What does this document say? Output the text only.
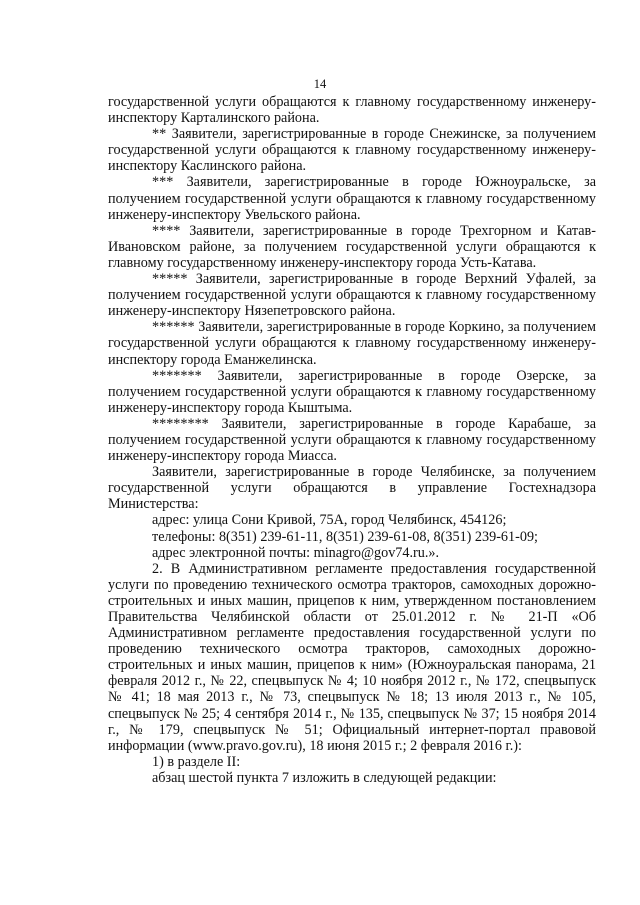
14

государственной услуги обращаются к главному государственному инженеру-инспектору Карталинского района.

** Заявители, зарегистрированные в городе Снежинске, за получением государственной услуги обращаются к главному государственному инженеру-инспектору Каслинского района.

*** Заявители, зарегистрированные в городе Южноуральске, за получением государственной услуги обращаются к главному государственному инженеру-инспектору Увельского района.

**** Заявители, зарегистрированные в городе Трехгорном и Катав-Ивановском районе, за получением государственной услуги обращаются к главному государственному инженеру-инспектору города Усть-Катава.

***** Заявители, зарегистрированные в городе Верхний Уфалей, за получением государственной услуги обращаются к главному государственному инженеру-инспектору Нязепетровского района.

****** Заявители, зарегистрированные в городе Коркино, за получением государственной услуги обращаются к главному государственному инженеру-инспектору города Еманжелинска.

******* Заявители, зарегистрированные в городе Озерске, за получением государственной услуги обращаются к главному государственному инженеру-инспектору города Кыштыма.

******** Заявители, зарегистрированные в городе Карабаше, за получением государственной услуги обращаются к главному государственному инженеру-инспектору города Миасса.

Заявители, зарегистрированные в городе Челябинске, за получением государственной услуги обращаются в управление Гостехнадзора Министерства:

адрес: улица Сони Кривой, 75А, город Челябинск, 454126;

телефоны: 8(351) 239-61-11, 8(351) 239-61-08, 8(351) 239-61-09;

адрес электронной почты: minagro@gov74.ru.».

2. В Административном регламенте предоставления государственной услуги по проведению технического осмотра тракторов, самоходных дорожно-строительных и иных машин, прицепов к ним, утвержденном постановлением Правительства Челябинской области от 25.01.2012 г. № 21-П «Об Административном регламенте предоставления государственной услуги по проведению технического осмотра тракторов, самоходных дорожно-строительных и иных машин, прицепов к ним» (Южноуральская панорама, 21 февраля 2012 г., № 22, спецвыпуск № 4; 10 ноября 2012 г., № 172, спецвыпуск № 41; 18 мая 2013 г., № 73, спецвыпуск № 18; 13 июля 2013 г., № 105, спецвыпуск № 25; 4 сентября 2014 г., № 135, спецвыпуск № 37; 15 ноября 2014 г., № 179, спецвыпуск № 51; Официальный интернет-портал правовой информации (www.pravo.gov.ru), 18 июня 2015 г.; 2 февраля 2016 г.):

1) в разделе II:

абзац шестой пункта 7 изложить в следующей редакции:
